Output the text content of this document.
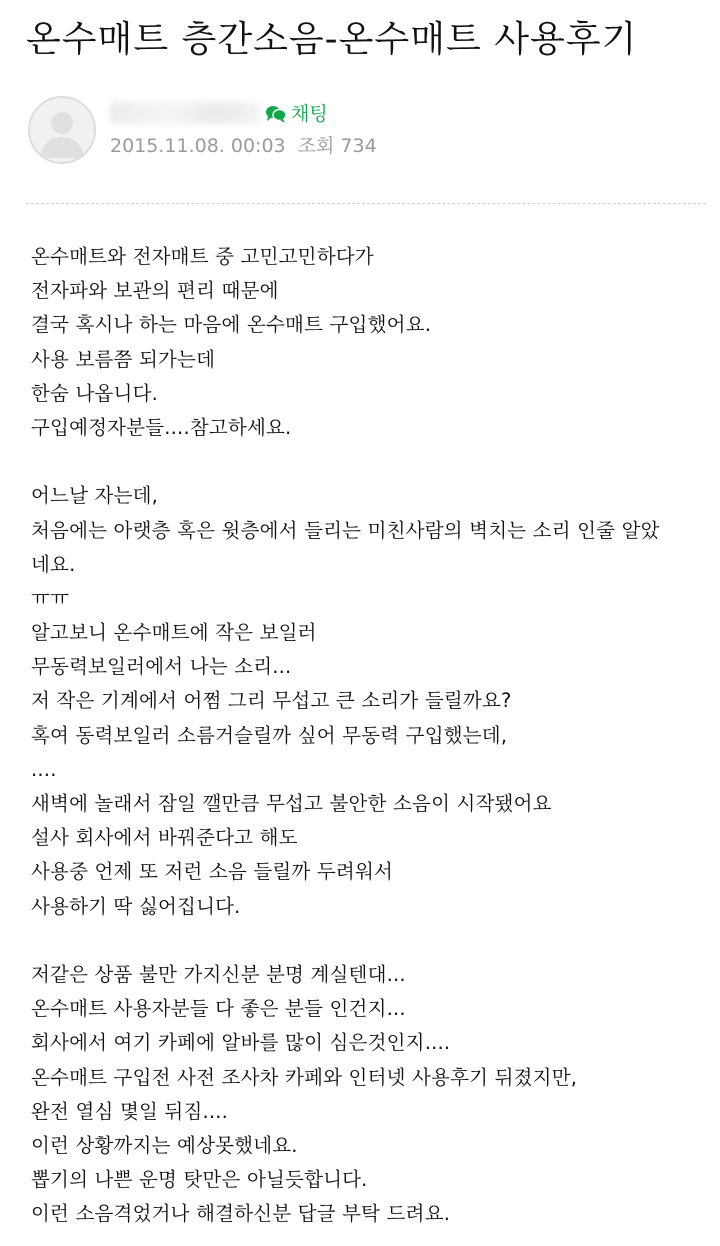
온수매트 층간소음-온수매트 사용후기
채팅
2015.11.08. 00:03 조회 734
온수매트와 전자매트 중 고민고민하다가
전자파와 보관의 편리 때문에
결국 혹시나 하는 마음에 온수매트 구입했어요.
사용 보름쯤 되가는데
한숨 나옵니다.
구입예정자분들....참고하세요.
어느날 자는데,
처음에는 아랫층 혹은 윗층에서 들리는 미친사람의 벽치는 소리 인줄 알았
네요.
ㅠㅠ
알고보니 온수매트에 작은 보일러
무동력보일러에서 나는 소리...
저 작은 기계에서 어쩜 그리 무섭고 큰 소리가 들릴까요?
혹여 동력보일러 소름거슬릴까 싶어 무동력 구입했는데,
....
새벽에 놀래서 잠일 깰만큼 무섭고 불안한 소음이 시작됐어요
설사 회사에서 바꿔준다고 해도
사용중 언제 또 저런 소음 들릴까 두려워서
사용하기 딱 싫어집니다.
저같은 상품 불만 가지신분 분명 계실텐대...
온수매트 사용자분들 다 좋은 분들 인건지...
회사에서 여기 카페에 알바를 많이 심은것인지....
온수매트 구입전 사전 조사차 카페와 인터넷 사용후기 뒤졌지만,
완전 열심 몇일 뒤짐....
이런 상황까지는 예상못했네요.
뽑기의 나쁜 운명 탓만은 아닐듯합니다.
이런 소음격었거나 해결하신분 답글 부탁 드려요.
